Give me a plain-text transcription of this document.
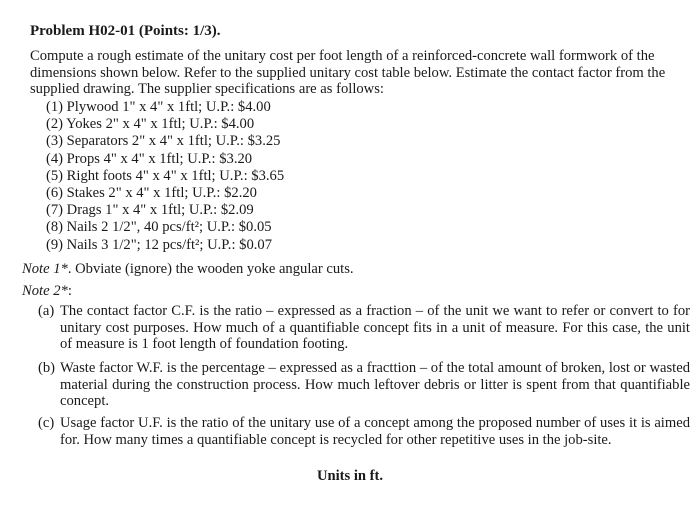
Problem H02-01 (Points: 1/3).
Compute a rough estimate of the unitary cost per foot length of a reinforced-concrete wall formwork of the dimensions shown below. Refer to the supplied unitary cost table below. Estimate the contact factor from the supplied drawing. The supplier specifications are as follows:
(1) Plywood 1" x 4" x 1ftl; U.P.: $4.00
(2) Yokes 2" x 4" x 1ftl; U.P.: $4.00
(3) Separators 2" x 4" x 1ftl; U.P.: $3.25
(4) Props 4" x 4" x 1ftl; U.P.: $3.20
(5) Right foots 4" x 4" x 1ftl; U.P.: $3.65
(6) Stakes 2" x 4" x 1ftl; U.P.: $2.20
(7) Drags 1" x 4" x 1ftl; U.P.: $2.09
(8) Nails 2 1/2", 40 pcs/ft²; U.P.: $0.05
(9) Nails 3 1/2"; 12 pcs/ft²; U.P.: $0.07
Note 1*. Obviate (ignore) the wooden yoke angular cuts.
Note 2*:
(a) The contact factor C.F. is the ratio – expressed as a fraction – of the unit we want to refer or convert to for unitary cost purposes. How much of a quantifiable concept fits in a unit of measure. For this case, the unit of measure is 1 foot length of foundation footing.
(b) Waste factor W.F. is the percentage – expressed as a fracttion – of the total amount of broken, lost or wasted material during the construction process. How much leftover debris or litter is spent from that quantifiable concept.
(c) Usage factor U.F. is the ratio of the unitary use of a concept among the proposed number of uses it is aimed for. How many times a quantifiable concept is recycled for other repetitive uses in the job-site.
Units in ft.
